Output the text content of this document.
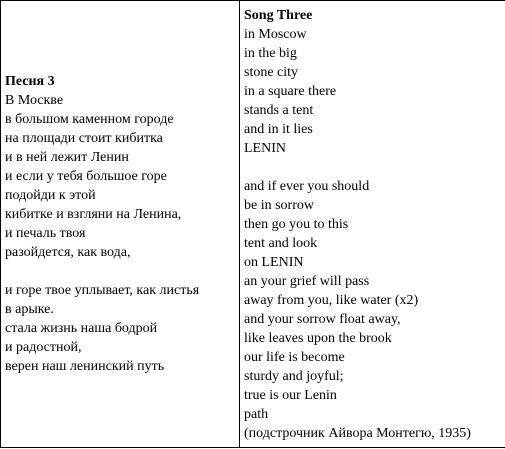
Песня 3
В Москве
в большом каменном городе
на площади стоит кибитка
и в ней лежит Ленин
и если у тебя большое горе
подойди к этой
кибитке и взгляни на Ленина,
и печаль твоя
разойдется, как вода,
и горе твое уплывает, как листья
в арыке.
стала жизнь наша бодрой
и радостной,
верен наш ленинский путь

Song Three
in Moscow
in the big
stone city
in a square there
stands a tent
and in it lies
LENIN
and if ever you should
be in sorrow
then go you to this
tent and look
on LENIN
an your grief will pass
away from you, like water (x2)
and your sorrow float away,
like leaves upon the brook
our life is become
sturdy and joyful;
true is our Lenin
path
(подстрочник Айвора Монтегю, 1935)
